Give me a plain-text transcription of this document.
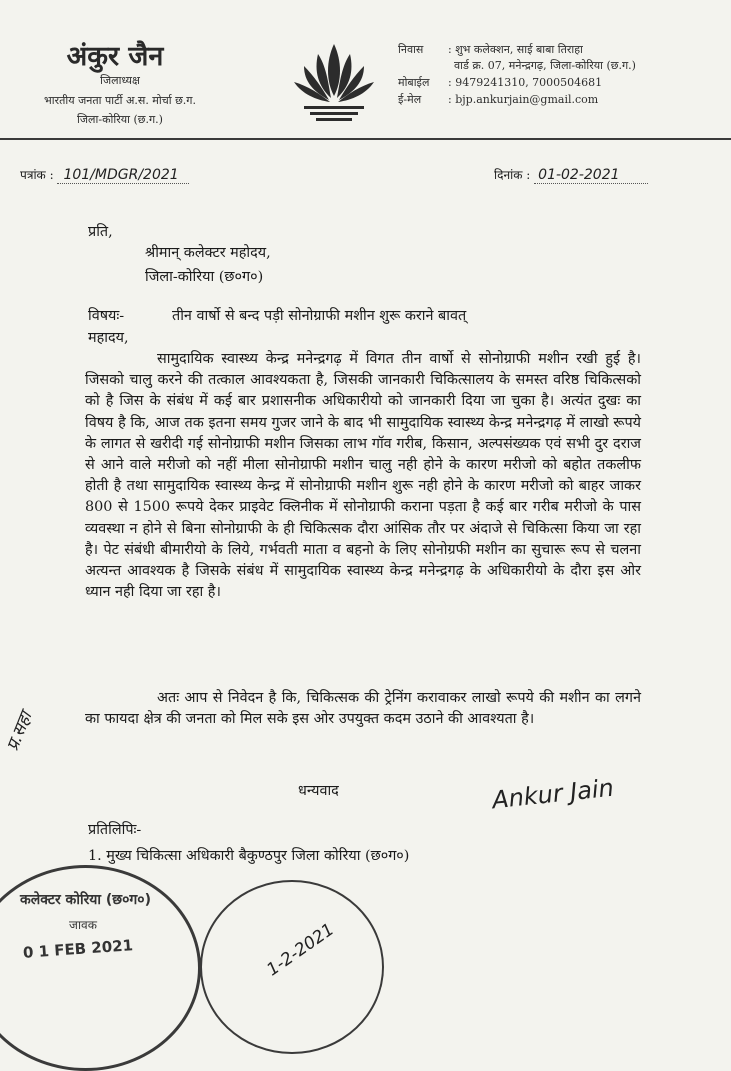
अंकुर जैन
जिलाध्यक्ष
भारतीय जनता पार्टी अ.स. मोर्चा छ.ग.
जिला-कोरिया (छ.ग.)
निवास : शुभ कलेक्शन, साई बाबा तिराहा
वार्ड क्र. 07, मनेन्द्रगढ़, जिला-कोरिया (छ.ग.)
मोबाईल : 9479241310, 7000504681
ई-मेल : bjp.ankurjain@gmail.com
पत्रांक : 101/MDGR/2021	दिनांक : 01-02-2021
प्रति,
श्रीमान् कलेक्टर महोदय,
जिला-कोरिया (छ०ग०)
विषयः-	तीन वार्षो से बन्द पड़ी सोनोग्राफी मशीन शुरू कराने बावत्
महादय,
सामुदायिक स्वास्थ्य केन्द्र मनेन्द्रगढ़ में विगत तीन वार्षो से सोनोग्राफी मशीन रखी हुई है। जिसको चालु करने की तत्काल आवश्यकता है, जिसकी जानकारी चिकित्सालय के समस्त वरिष्ठ चिकित्सको को है जिस के संबंध में कई बार प्रशासनीक अधिकारीयो को जानकारी दिया जा चुका है। अत्यंत दुखः का विषय है कि, आज तक इतना समय गुजर जाने के बाद भी सामुदायिक स्वास्थ्य केन्द्र मनेन्द्रगढ़ में लाखो रूपये के लागत से खरीदी गई सोनोग्राफी मशीन जिसका लाभ गॉव गरीब, किसान, अल्पसंख्यक एवं सभी दुर दराज से आने वाले मरीजो को नहीं मीला सोनोग्राफी मशीन चालु नही होने के कारण मरीजो को बहोत तकलीफ होती है तथा सामुदायिक स्वास्थ्य केन्द्र में सोनोग्राफी मशीन शुरू नही होने के कारण मरीजो को बाहर जाकर 800 से 1500 रूपये देकर प्राइवेट क्लिनीक में सोनोग्राफी कराना पड़ता है कई बार गरीब मरीजो के पास व्यवस्था न होने से बिना सोनोग्राफी के ही चिकित्सक दौरा आंसिक तौर पर अंदाजे से चिकित्सा किया जा रहा है। पेट संबंधी बीमारीयो के लिये, गर्भवती माता व बहनो के लिए सोनोग्रफी मशीन का सुचारू रूप से चलना अत्यन्त आवश्यक है जिसके संबंध में सामुदायिक स्वास्थ्य केन्द्र मनेन्द्रगढ़ के अधिकारीयो के दौरा इस ओर ध्यान नही दिया जा रहा है।
अतः आप से निवेदन है कि, चिकित्सक की ट्रेनिंग करावाकर लाखो रूपये की मशीन का लगने का फायदा क्षेत्र की जनता को मिल सके इस ओर उपयुक्त कदम उठाने की आवश्यता है।
धन्यवाद	Ankur Jain
प्रतिलिपिः-
1. मुख्य चिकित्सा अधिकारी बैकुण्ठपुर जिला कोरिया (छ०ग०)
प्र.सहा
कलेक्टर कोरिया (छ०ग०)
जावक
0 1 FEB 2021	1-2-2021
